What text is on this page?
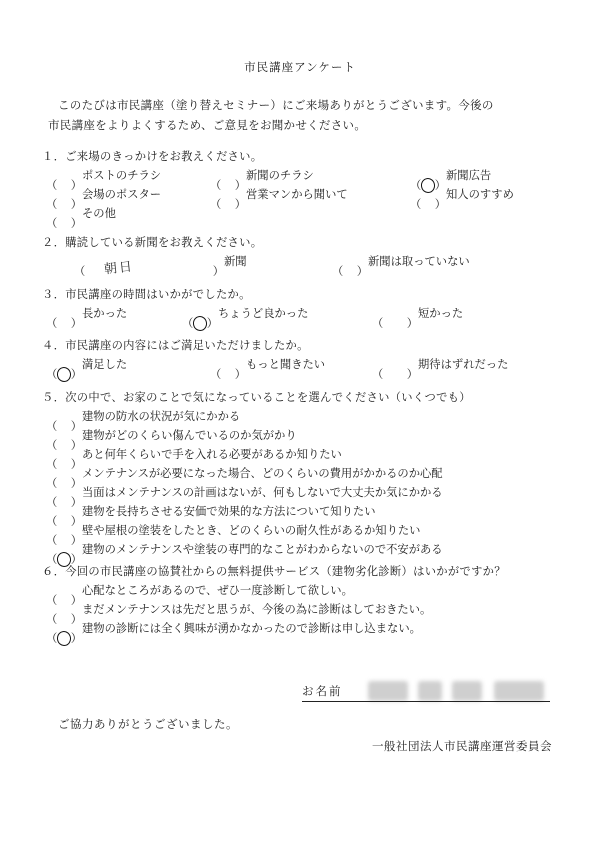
市民講座アンケート
このたびは市民講座（塗り替えセミナー）にご来場ありがとうございます。今後の
市民講座をよりよくするため、ご意見をお聞かせください。
１．ご来場のきっかけをお教えください。
（ ）
ポストのチラシ
（ ）
新聞のチラシ
（ ）
新聞広告
（ ）
会場のポスター
（ ）
営業マンから聞いて
（ ）
知人のすすめ
（ ）
その他
２．購読している新聞をお教えください。
（ 朝日	）
新聞
（ ）
新聞は取っていない
３．市民講座の時間はいかがでしたか。
（ ）
長かった
（ ）
ちょうど良かった
（ ）
短かった
４．市民講座の内容にはご満足いただけましたか。
（ ）
満足した
（ ）
もっと聞きたい
（ ）
期待はずれだった
５．次の中で、お家のことで気になっていることを選んでください（いくつでも）
（ ）
建物の防水の状況が気にかかる
（ ）
建物がどのくらい傷んでいるのか気がかり
（ ）
あと何年くらいで手を入れる必要があるか知りたい
（ ）
メンテナンスが必要になった場合、どのくらいの費用がかかるのか心配
（ ）
当面はメンテナンスの計画はないが、何もしないで大丈夫か気にかかる
（ ）
建物を長持ちさせる安価で効果的な方法について知りたい
（ ）
壁や屋根の塗装をしたとき、どのくらいの耐久性があるか知りたい
（ ）
建物のメンテナンスや塗装の専門的なことがわからないので不安がある
６．今回の市民講座の協賛社からの無料提供サービス（建物劣化診断）はいかがですか？
（ ）
心配なところがあるので、ぜひ一度診断して欲しい。
（ ）
まだメンテナンスは先だと思うが、今後の為に診断はしておきたい。
（ ）
建物の診断には全く興味が湧かなかったので診断は申し込まない。
お名前
ご協力ありがとうございました。
一般社団法人市民講座運営委員会
